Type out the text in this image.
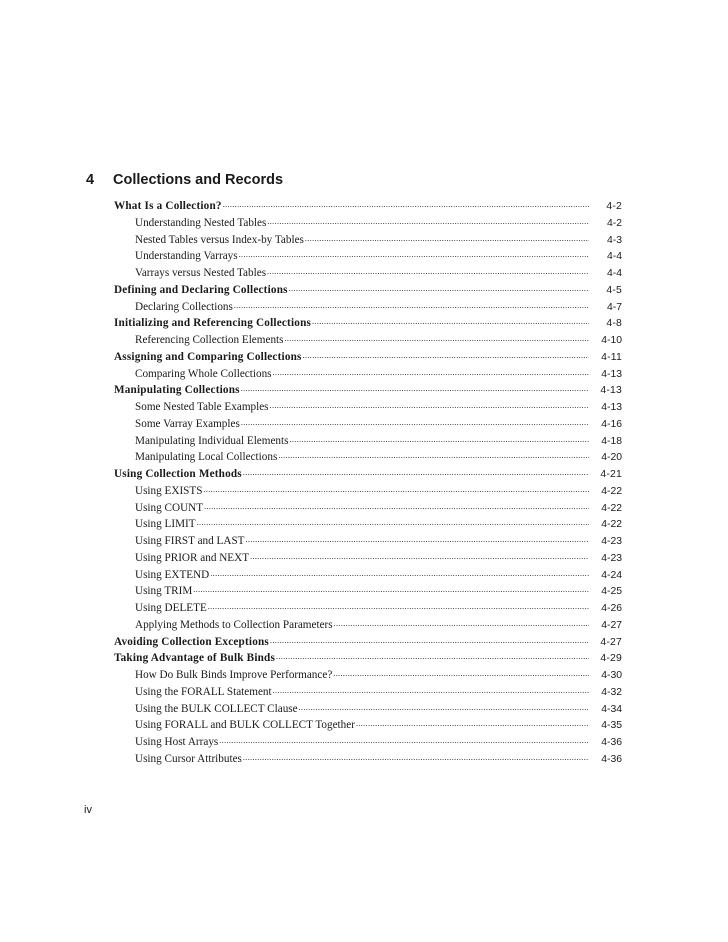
4	Collections and Records
What Is a Collection? .....	4-2
Understanding Nested Tables .....	4-2
Nested Tables versus Index-by Tables .....	4-3
Understanding Varrays .....	4-4
Varrays versus Nested Tables .....	4-4
Defining and Declaring Collections .....	4-5
Declaring Collections .....	4-7
Initializing and Referencing Collections .....	4-8
Referencing Collection Elements .....	4-10
Assigning and Comparing Collections .....	4-11
Comparing Whole Collections .....	4-13
Manipulating Collections .....	4-13
Some Nested Table Examples .....	4-13
Some Varray Examples .....	4-16
Manipulating Individual Elements .....	4-18
Manipulating Local Collections .....	4-20
Using Collection Methods .....	4-21
Using EXISTS .....	4-22
Using COUNT .....	4-22
Using LIMIT .....	4-22
Using FIRST and LAST .....	4-23
Using PRIOR and NEXT .....	4-23
Using EXTEND .....	4-24
Using TRIM .....	4-25
Using DELETE .....	4-26
Applying Methods to Collection Parameters .....	4-27
Avoiding Collection Exceptions .....	4-27
Taking Advantage of Bulk Binds .....	4-29
How Do Bulk Binds Improve Performance? .....	4-30
Using the FORALL Statement .....	4-32
Using the BULK COLLECT Clause .....	4-34
Using FORALL and BULK COLLECT Together .....	4-35
Using Host Arrays .....	4-36
Using Cursor Attributes .....	4-36
iv
